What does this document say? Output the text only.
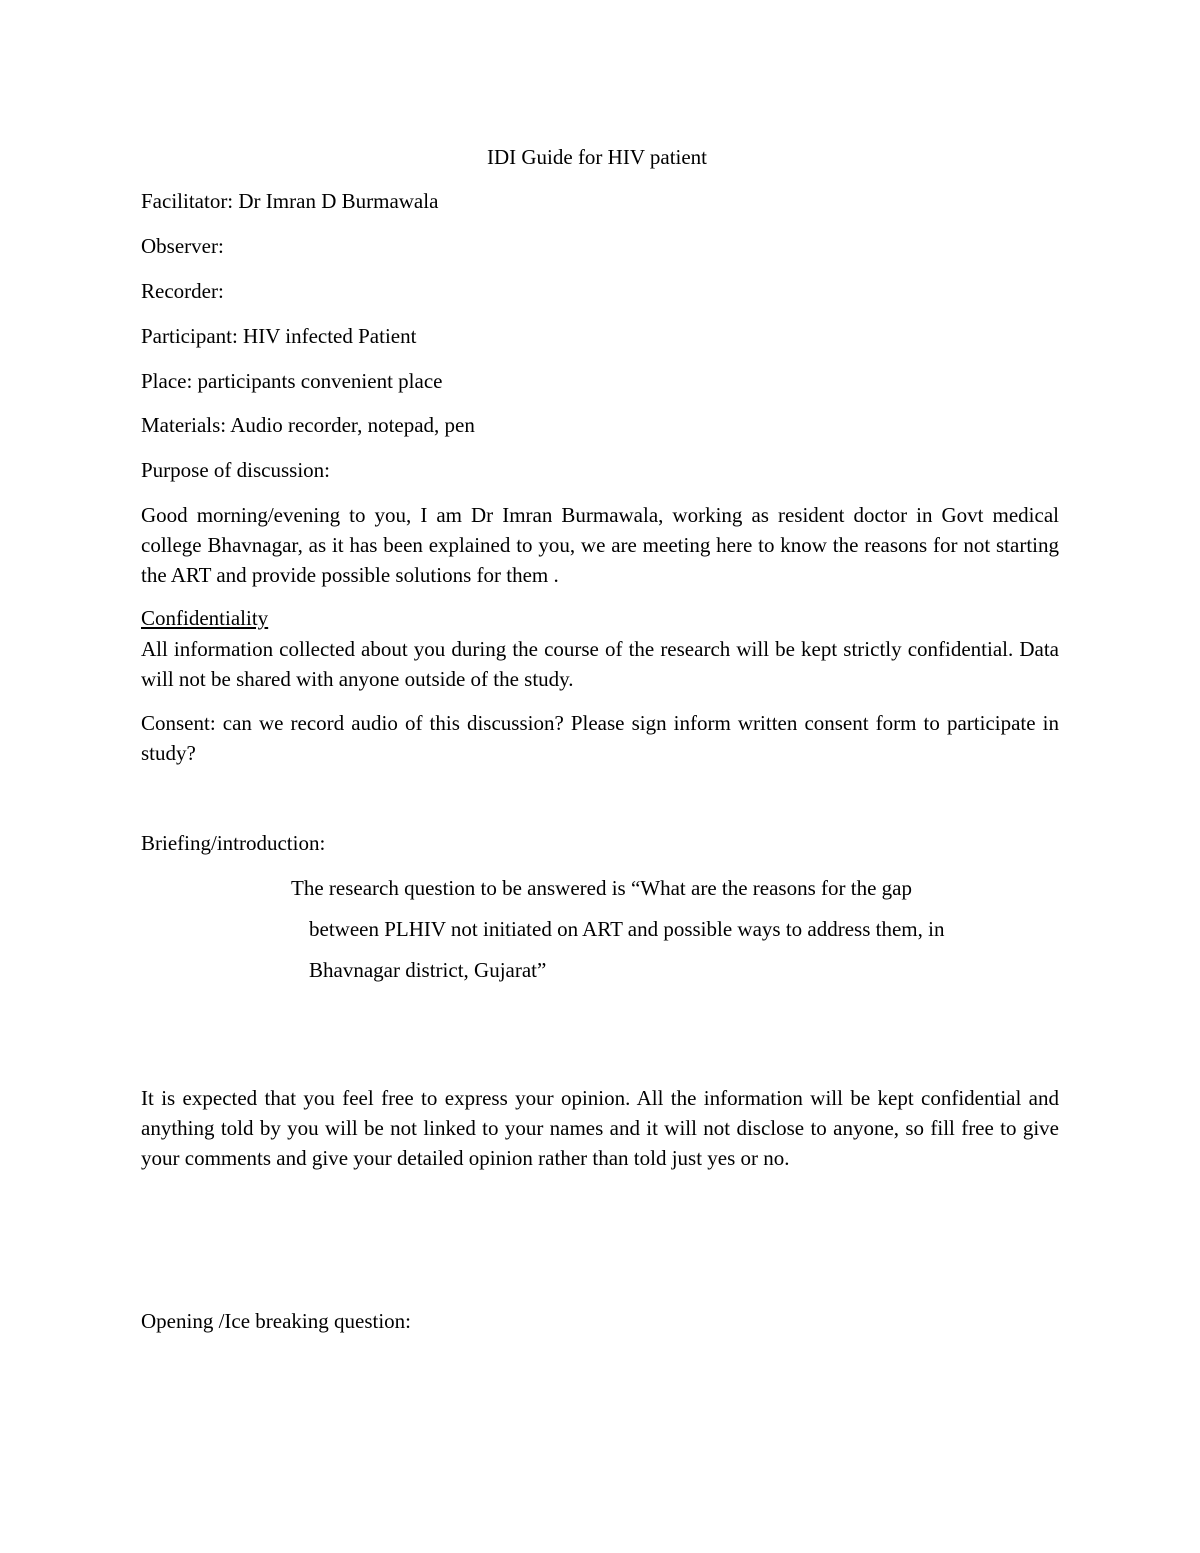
IDI Guide for HIV patient

Facilitator: Dr Imran D Burmawala

Observer:

Recorder:

Participant: HIV infected Patient

Place: participants convenient place

Materials: Audio recorder, notepad, pen

Purpose of discussion:

Good morning/evening to you, I am Dr Imran Burmawala, working as resident doctor in Govt medical college Bhavnagar, as it has been explained to you, we are meeting here to know the reasons for not starting the ART and provide possible solutions for them .

Confidentiality

All information collected about you during the course of the research will be kept strictly confidential. Data will not be shared with anyone outside of the study.

Consent: can we record audio of this discussion? Please sign inform written consent form to participate in study?

Briefing/introduction:

The research question to be answered is “What are the reasons for the gap

between PLHIV not initiated on ART and possible ways to address them, in

Bhavnagar district, Gujarat”

It is expected that you feel free to express your opinion. All the information will be kept confidential and anything told by you will be not linked to your names and it will not disclose to anyone, so fill free to give your comments and give your detailed opinion rather than told just yes or no.

Opening /Ice breaking question:
